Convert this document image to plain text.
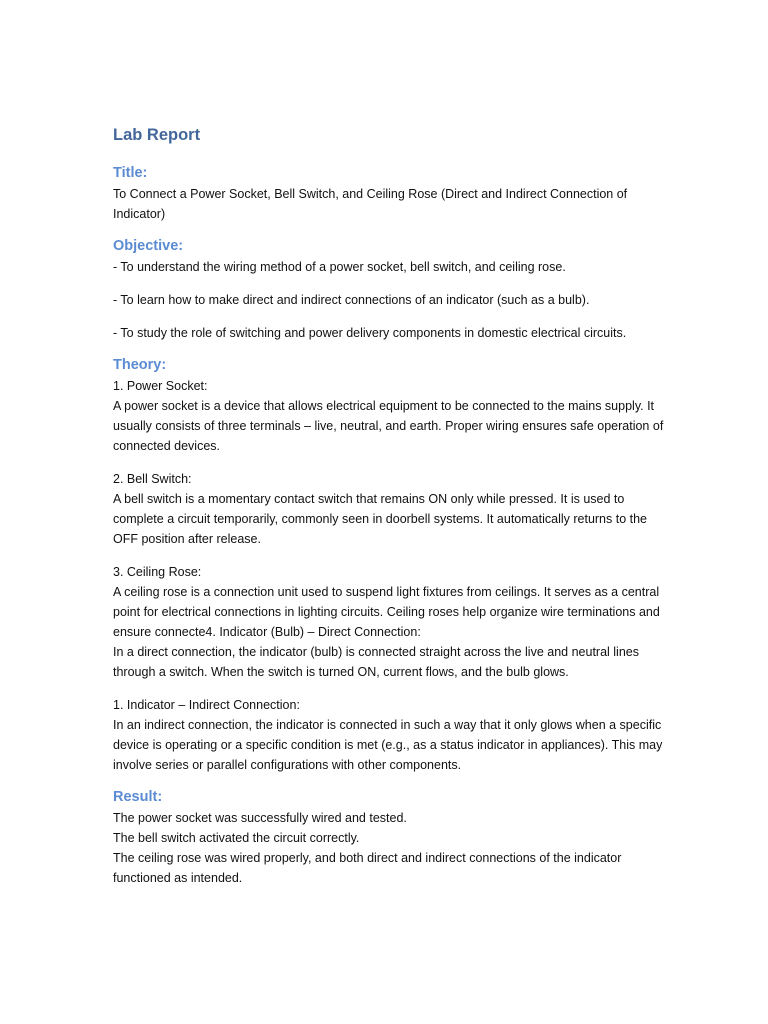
Lab Report
Title:

To Connect a Power Socket, Bell Switch, and Ceiling Rose (Direct and Indirect Connection of Indicator)

Objective:

- To understand the wiring method of a power socket, bell switch, and ceiling rose.

- To learn how to make direct and indirect connections of an indicator (such as a bulb).

- To study the role of switching and power delivery components in domestic electrical circuits.

Theory:

1. Power Socket:

A power socket is a device that allows electrical equipment to be connected to the mains supply. It usually consists of three terminals – live, neutral, and earth. Proper wiring ensures safe operation of connected devices.

2. Bell Switch:

A bell switch is a momentary contact switch that remains ON only while pressed. It is used to complete a circuit temporarily, commonly seen in doorbell systems. It automatically returns to the OFF position after release.

3. Ceiling Rose:

A ceiling rose is a connection unit used to suspend light fixtures from ceilings. It serves as a central point for electrical connections in lighting circuits. Ceiling roses help organize wire terminations and ensure connecte4. Indicator (Bulb) – Direct Connection:

In a direct connection, the indicator (bulb) is connected straight across the live and neutral lines through a switch. When the switch is turned ON, current flows, and the bulb glows.

1. Indicator – Indirect Connection:

In an indirect connection, the indicator is connected in such a way that it only glows when a specific device is operating or a specific condition is met (e.g., as a status indicator in appliances). This may involve series or parallel configurations with other components.

Result:

The power socket was successfully wired and tested.

The bell switch activated the circuit correctly.

The ceiling rose was wired properly, and both direct and indirect connections of the indicator functioned as intended.
